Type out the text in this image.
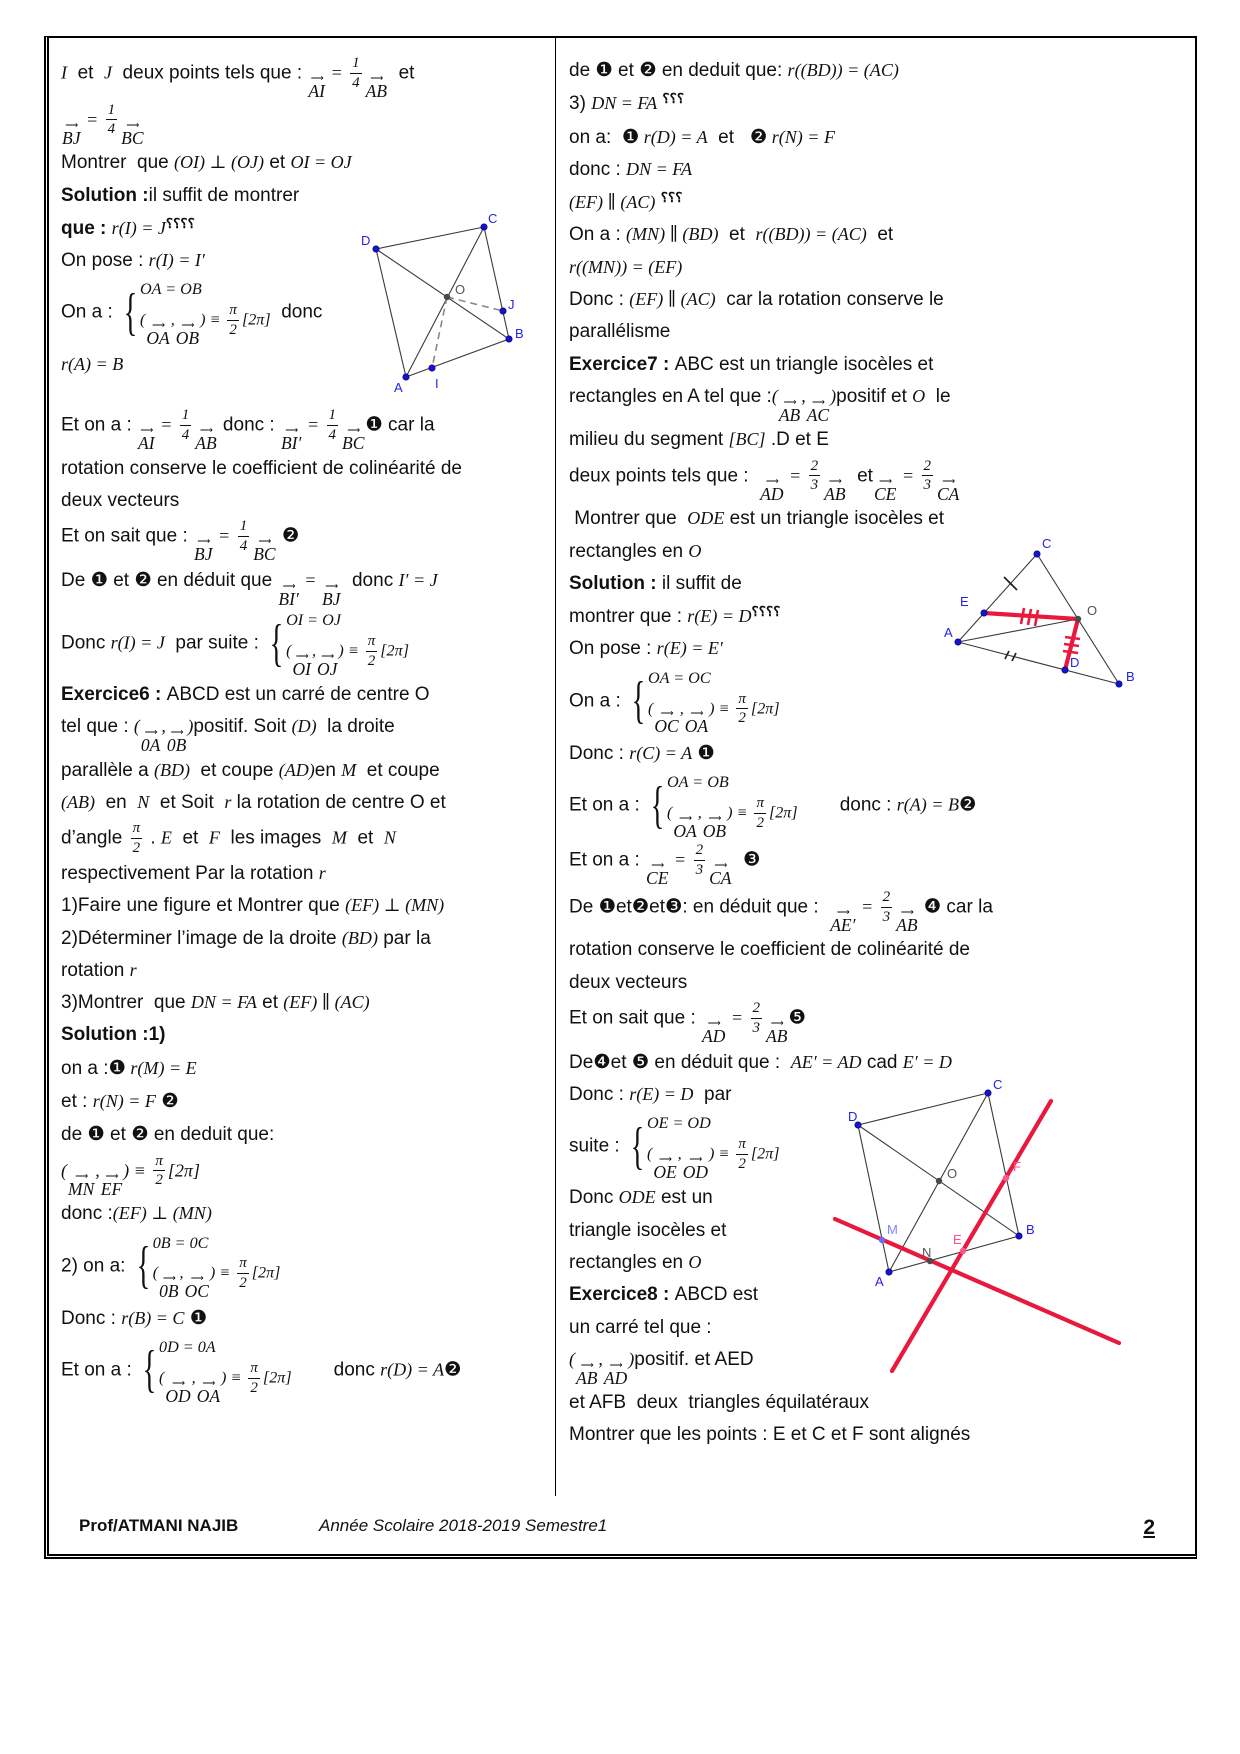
I  et  J  deux points tels que : ⟶
AI
= $\frac{1}{4}$ ⟶
AB
et
⟶
BJ
= $\frac{1}{4}$ ⟶
BC
Montrer  que (OI) ⊥ (OJ) et OI = OJ
Solution :il suffit de montrer
A
B
C
D
I
J
O
que : r(I) = J؟؟؟؟
On pose : r(I) = I′
On a : { OA = OB
( ⟶
OA
, ⟶
OB
) ≡ $\frac{\pi}{2} [2\pi]$ donc
r(A) = B
Et on a : ⟶
AI
= $\frac{1}{4}$ ⟶
AB
donc : ⟶
BI′
= $\frac{1}{4}$ ⟶
BC
❶ car la
rotation conserve le coefficient de colinéarité de
deux vecteurs
Et on sait que : ⟶
BJ
= $\frac{1}{4}$ ⟶
BC
❷
De ❶ et ❷ en déduit que ⟶
BI′
= ⟶
BJ
donc I′ = J
Donc r(I) = J  par suite : { OI = OJ
( ⟶
OI
, ⟶
OJ
) ≡ $\frac{\pi}{2} [2\pi]$
Exercice6 : ABCD est un carré de centre O
tel que : ( ⟶
0A
, ⟶
0B
)positif. Soit (D)  la droite
parallèle a (BD)  et coupe (AD)en M  et coupe
(AB)  en  N  et Soit  r la rotation de centre O et
d’angle $\frac{\pi}{2}$ . E  et  F  les images  M  et  N
respectivement Par la rotation r
1)Faire une figure et Montrer que (EF) ⊥ (MN)
2)Déterminer l’image de la droite (BD) par la
rotation r
3)Montrer  que DN = FA et (EF) ∥ (AC)
Solution :1)
on a :❶ r(M) = E
et : r(N) = F ❷
de ❶ et ❷ en deduit que:
( ⟶
MN
, ⟶
EF
) ≡ $\frac{\pi}{2} [2\pi]$
donc :(EF) ⊥ (MN)
2) on a: { 0B = 0C
( ⟶
0B
, ⟶
OC
) ≡ $\frac{\pi}{2} [2\pi]$
Donc : r(B) = C ❶
Et on a : { 0D = 0A
( ⟶
OD
, ⟶
OA
) ≡ $\frac{\pi}{2} [2\pi]$ donc r(D) = A❷
de ❶ et ❷ en deduit que: r((BD)) = (AC)
3) DN = FA ؟؟؟
on a:  ❶ r(D) = A  et   ❷ r(N) = F
donc : DN = FA
(EF) ∥ (AC) ؟؟؟
On a : (MN) ∥ (BD)  et  r((BD)) = (AC)  et
r((MN)) = (EF)
Donc : (EF) ∥ (AC)  car la rotation conserve le
parallélisme
Exercice7 : ABC est un triangle isocèles et
rectangles en A tel que :( ⟶
AB
, ⟶
AC
)positif et O  le
milieu du segment [BC] .D et E
deux points tels que : ⟶
AD
= $\frac{2}{3}$ ⟶
AB
et ⟶
CE
= $\frac{2}{3}$ ⟶
CA
Montrer que  ODE est un triangle isocèles et
C
E
A
O
D
B
rectangles en O
Solution : il suffit de
montrer que : r(E) = D؟؟؟؟
On pose : r(E) = E′
On a : { OA = OC
( ⟶
OC
, ⟶
OA
) ≡ $\frac{\pi}{2} [2\pi]$
Donc : r(C) = A ❶
Et on a : { OA = OB
( ⟶
OA
, ⟶
OB
) ≡ $\frac{\pi}{2} [2\pi]$ donc : r(A) = B❷
Et on a : ⟶
CE
= $\frac{2}{3}$ ⟶
CA
❸
De ❶et❷et❸: en déduit que : ⟶
AE′
= $\frac{2}{3}$ ⟶
AB
❹ car la
rotation conserve le coefficient de colinéarité de
deux vecteurs
Et on sait que : ⟶
AD
= $\frac{2}{3}$ ⟶
AB
❺
De❹et ❺ en déduit que :  AE′ = AD cad E′ = D
C
D
O
M	B
A
N
E
F
Donc : r(E) = D  par
suite : { OE = OD
( ⟶
OE
, ⟶
OD
) ≡ $\frac{\pi}{2} [2\pi]$
Donc ODE est un
triangle isocèles et
rectangles en O
Exercice8 : ABCD est
un carré tel que :
( ⟶
AB
, ⟶
AD
)positif. et AED
et AFB  deux  triangles équilatéraux
Montrer que les points : E et C et F sont alignés
Prof/ATMANI NAJIB	Année Scolaire 2018-2019 Semestre1	2
